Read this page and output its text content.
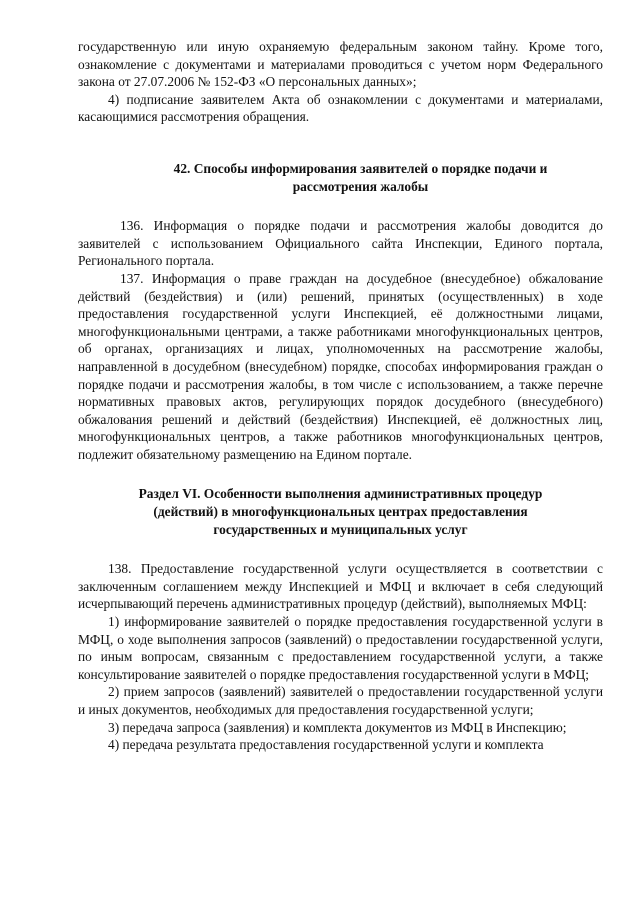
государственную или иную охраняемую федеральным законом тайну. Кроме того, ознакомление с документами и материалами проводиться с учетом норм Федерального закона от 27.07.2006 № 152-ФЗ «О персональных данных»;

4) подписание заявителем Акта об ознакомлении с документами и материалами, касающимися рассмотрения обращения.

42. Способы информирования заявителей о порядке подачи и

рассмотрения жалобы

136. Информация о порядке подачи и рассмотрения жалобы доводится до заявителей с использованием Официального сайта Инспекции, Единого портала, Регионального портала.

137. Информация о праве граждан на досудебное (внесудебное) обжалование действий (бездействия) и (или) решений, принятых (осуществленных) в ходе предоставления государственной услуги Инспекцией, её должностными лицами, многофункциональными центрами, а также работниками многофункциональных центров, об органах, организациях и лицах, уполномоченных на рассмотрение жалобы, направленной в досудебном (внесудебном) порядке, способах информирования граждан о порядке подачи и рассмотрения жалобы, в том числе с использованием, а также перечне нормативных правовых актов, регулирующих порядок досудебного (внесудебного) обжалования решений и действий (бездействия) Инспекцией, её должностных лиц, многофункциональных центров, а также работников многофункциональных центров, подлежит обязательному размещению на Едином портале.

Раздел VI. Особенности выполнения административных процедур

(действий) в многофункциональных центрах предоставления

государственных и муниципальных услуг

138. Предоставление государственной услуги осуществляется в соответствии с заключенным соглашением между Инспекцией и МФЦ и включает в себя следующий исчерпывающий перечень административных процедур (действий), выполняемых МФЦ:

1) информирование заявителей о порядке предоставления государственной услуги в МФЦ, о ходе выполнения запросов (заявлений) о предоставлении государственной услуги, по иным вопросам, связанным с предоставлением государственной услуги, а также консультирование заявителей о порядке предоставления государственной услуги в МФЦ;

2) прием запросов (заявлений) заявителей о предоставлении государственной услуги и иных документов, необходимых для предоставления государственной услуги;

3) передача запроса (заявления) и комплекта документов из МФЦ в Инспекцию;

4) передача результата предоставления государственной услуги и комплекта
